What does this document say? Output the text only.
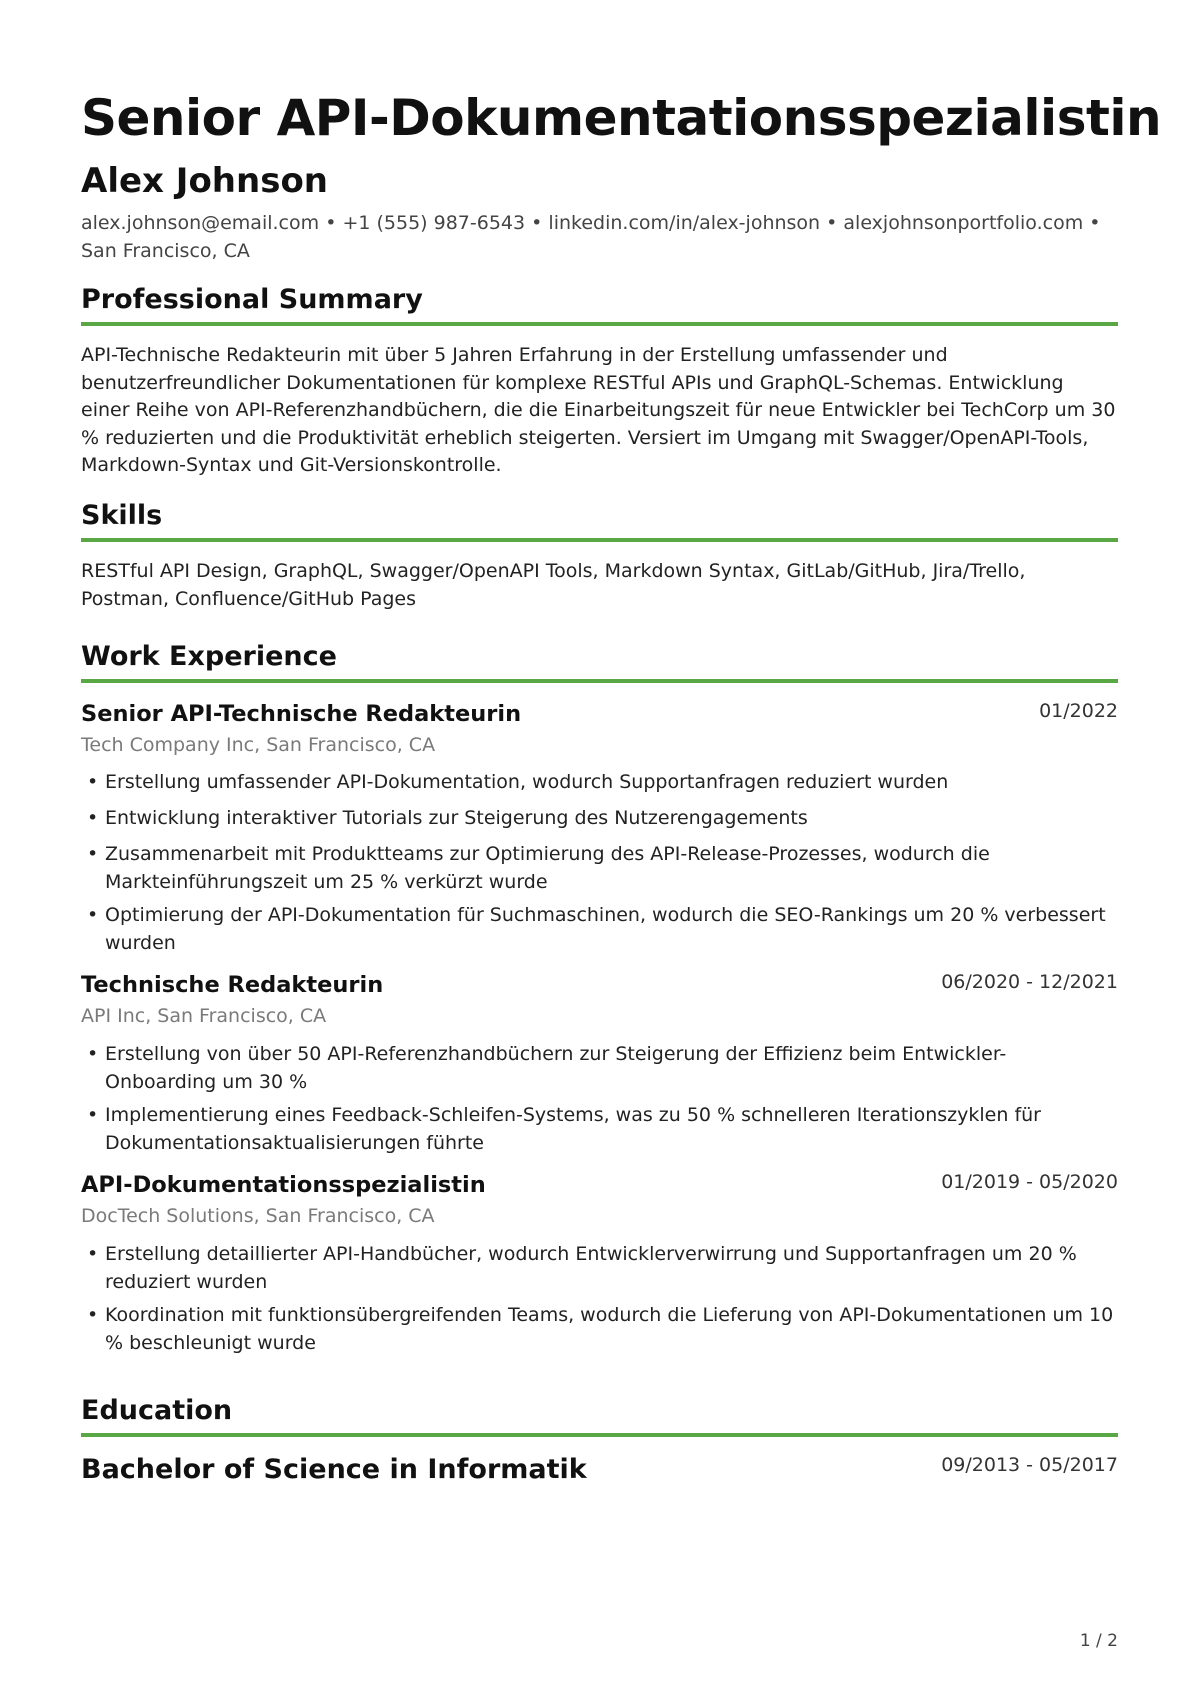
Senior API-Dokumentationsspezialistin
Alex Johnson
alex.johnson@email.com • +1 (555) 987-6543 • linkedin.com/in/alex-johnson • alexjohnsonportfolio.com • San Francisco, CA
Professional Summary
API-Technische Redakteurin mit über 5 Jahren Erfahrung in der Erstellung umfassender und benutzerfreundlicher Dokumentationen für komplexe RESTful APIs und GraphQL-Schemas. Entwicklung einer Reihe von API-Referenzhandbüchern, die die Einarbeitungszeit für neue Entwickler bei TechCorp um 30 % reduzierten und die Produktivität erheblich steigerten. Versiert im Umgang mit Swagger/OpenAPI-Tools, Markdown-Syntax und Git-Versionskontrolle.
Skills
RESTful API Design, GraphQL, Swagger/OpenAPI Tools, Markdown Syntax, GitLab/GitHub, Jira/Trello, Postman, Confluence/GitHub Pages
Work Experience
Senior API-Technische Redakteurin	01/2022
Tech Company Inc, San Francisco, CA
• Erstellung umfassender API-Dokumentation, wodurch Supportanfragen reduziert wurden
• Entwicklung interaktiver Tutorials zur Steigerung des Nutzerengagements
• Zusammenarbeit mit Produktteams zur Optimierung des API-Release-Prozesses, wodurch die Markteinführungszeit um 25 % verkürzt wurde
• Optimierung der API-Dokumentation für Suchmaschinen, wodurch die SEO-Rankings um 20 % verbessert wurden
Technische Redakteurin	06/2020 - 12/2021
API Inc, San Francisco, CA
• Erstellung von über 50 API-Referenzhandbüchern zur Steigerung der Effizienz beim Entwickler-Onboarding um 30 %
• Implementierung eines Feedback-Schleifen-Systems, was zu 50 % schnelleren Iterationszyklen für Dokumentationsaktualisierungen führte
API-Dokumentationsspezialistin	01/2019 - 05/2020
DocTech Solutions, San Francisco, CA
• Erstellung detaillierter API-Handbücher, wodurch Entwicklerverwirrung und Supportanfragen um 20 % reduziert wurden
• Koordination mit funktionsübergreifenden Teams, wodurch die Lieferung von API-Dokumentationen um 10 % beschleunigt wurde
Education
Bachelor of Science in Informatik	09/2013 - 05/2017
1 / 2
